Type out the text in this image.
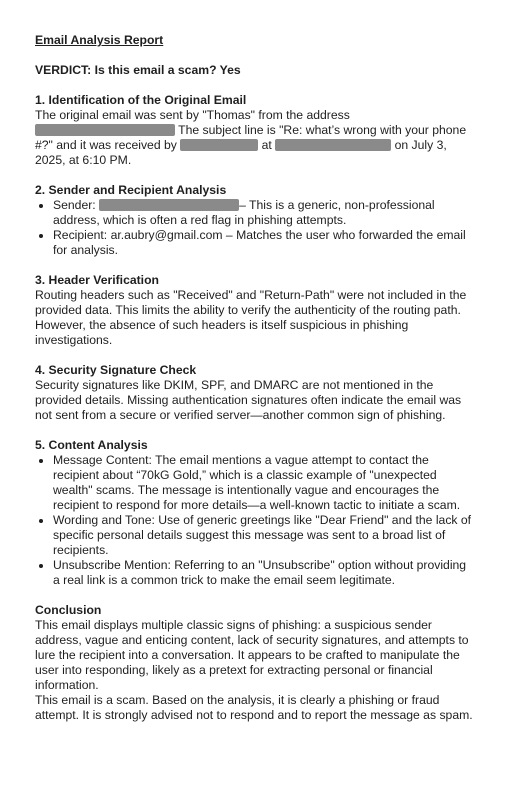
Email Analysis Report
VERDICT: Is this email a scam? Yes
1. Identification of the Original Email

The original email was sent by "Thomas" from the address  The subject line is "Re: what’s wrong with your phone #?" and it was received by	at	on July 3, 2025, at 6:10 PM.

2. Sender and Recipient Analysis
• Sender:	– This is a generic, non-professional address, which is often a red flag in phishing attempts.
• Recipient: ar.aubry@gmail.com – Matches the user who forwarded the email for analysis.
3. Header Verification

Routing headers such as "Received" and "Return-Path" were not included in the provided data. This limits the ability to verify the authenticity of the routing path. However, the absence of such headers is itself suspicious in phishing investigations.

4. Security Signature Check

Security signatures like DKIM, SPF, and DMARC are not mentioned in the provided details. Missing authentication signatures often indicate the email was not sent from a secure or verified server—another common sign of phishing.

5. Content Analysis
• Message Content: The email mentions a vague attempt to contact the recipient about “70kG Gold,” which is a classic example of "unexpected wealth" scams. The message is intentionally vague and encourages the recipient to respond for more details—a well-known tactic to initiate a scam.
• Wording and Tone: Use of generic greetings like "Dear Friend" and the lack of specific personal details suggest this message was sent to a broad list of recipients.
• Unsubscribe Mention: Referring to an "Unsubscribe" option without providing a real link is a common trick to make the email seem legitimate.
Conclusion

This email displays multiple classic signs of phishing: a suspicious sender address, vague and enticing content, lack of security signatures, and attempts to lure the recipient into a conversation. It appears to be crafted to manipulate the user into responding, likely as a pretext for extracting personal or financial information.

This email is a scam. Based on the analysis, it is clearly a phishing or fraud attempt. It is strongly advised not to respond and to report the message as spam.
